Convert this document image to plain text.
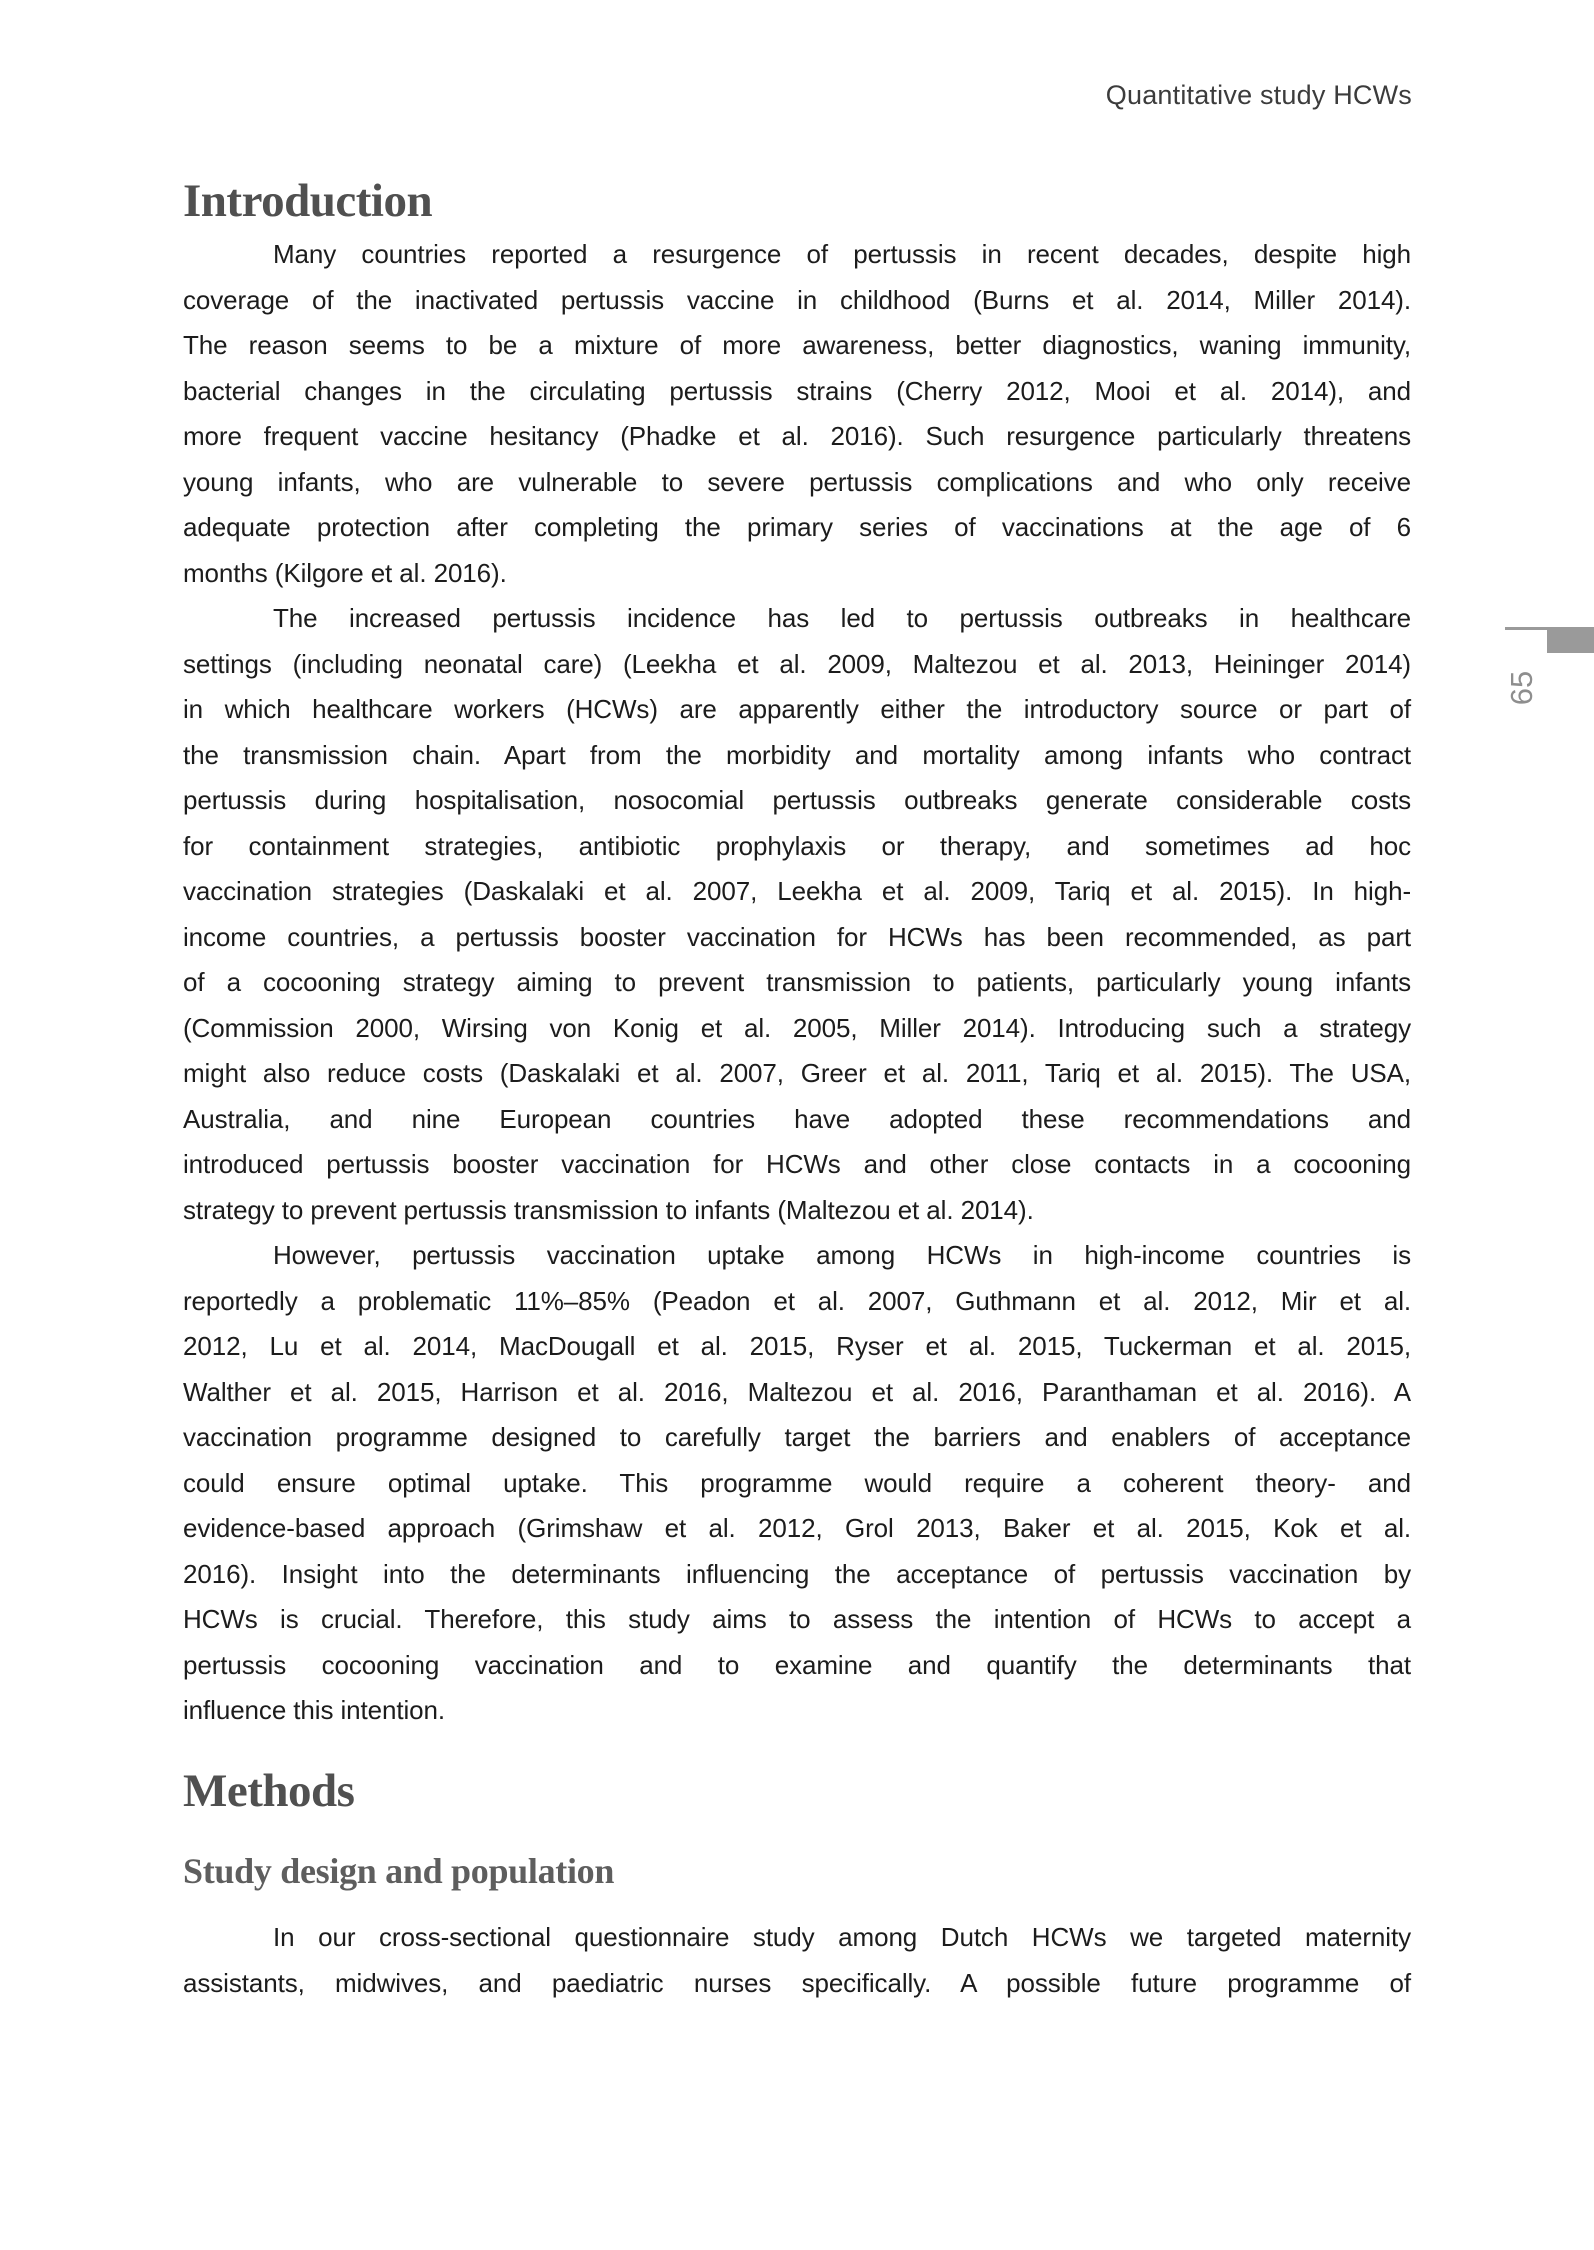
Quantitative study HCWs
65
Introduction
Many countries reported a resurgence of pertussis in recent decades, despite high
coverage of the inactivated pertussis vaccine in childhood (Burns et al. 2014, Miller 2014).
The reason seems to be a mixture of more awareness, better diagnostics, waning immunity,
bacterial changes in the circulating pertussis strains (Cherry 2012, Mooi et al. 2014), and
more frequent vaccine hesitancy (Phadke et al. 2016). Such resurgence particularly threatens
young infants, who are vulnerable to severe pertussis complications and who only receive
adequate protection after completing the primary series of vaccinations at the age of 6
months (Kilgore et al. 2016).
The increased pertussis incidence has led to pertussis outbreaks in healthcare
settings (including neonatal care) (Leekha et al. 2009, Maltezou et al. 2013, Heininger 2014)
in which healthcare workers (HCWs) are apparently either the introductory source or part of
the transmission chain. Apart from the morbidity and mortality among infants who contract
pertussis during hospitalisation, nosocomial pertussis outbreaks generate considerable costs
for containment strategies, antibiotic prophylaxis or therapy, and sometimes ad hoc
vaccination strategies (Daskalaki et al. 2007, Leekha et al. 2009, Tariq et al. 2015). In high-
income countries, a pertussis booster vaccination for HCWs has been recommended, as part
of a cocooning strategy aiming to prevent transmission to patients, particularly young infants
(Commission 2000, Wirsing von Konig et al. 2005, Miller 2014). Introducing such a strategy
might also reduce costs (Daskalaki et al. 2007, Greer et al. 2011, Tariq et al. 2015). The USA,
Australia, and nine European countries have adopted these recommendations and
introduced pertussis booster vaccination for HCWs and other close contacts in a cocooning
strategy to prevent pertussis transmission to infants (Maltezou et al. 2014).
However, pertussis vaccination uptake among HCWs in high-income countries is
reportedly a problematic 11%–85% (Peadon et al. 2007, Guthmann et al. 2012, Mir et al.
2012, Lu et al. 2014, MacDougall et al. 2015, Ryser et al. 2015, Tuckerman et al. 2015,
Walther et al. 2015, Harrison et al. 2016, Maltezou et al. 2016, Paranthaman et al. 2016). A
vaccination programme designed to carefully target the barriers and enablers of acceptance
could ensure optimal uptake. This programme would require a coherent theory- and
evidence-based approach (Grimshaw et al. 2012, Grol 2013, Baker et al. 2015, Kok et al.
2016). Insight into the determinants influencing the acceptance of pertussis vaccination by
HCWs is crucial. Therefore, this study aims to assess the intention of HCWs to accept a
pertussis cocooning vaccination and to examine and quantify the determinants that
influence this intention.
Methods
Study design and population
In our cross-sectional questionnaire study among Dutch HCWs we targeted maternity
assistants, midwives, and paediatric nurses specifically. A possible future programme of
